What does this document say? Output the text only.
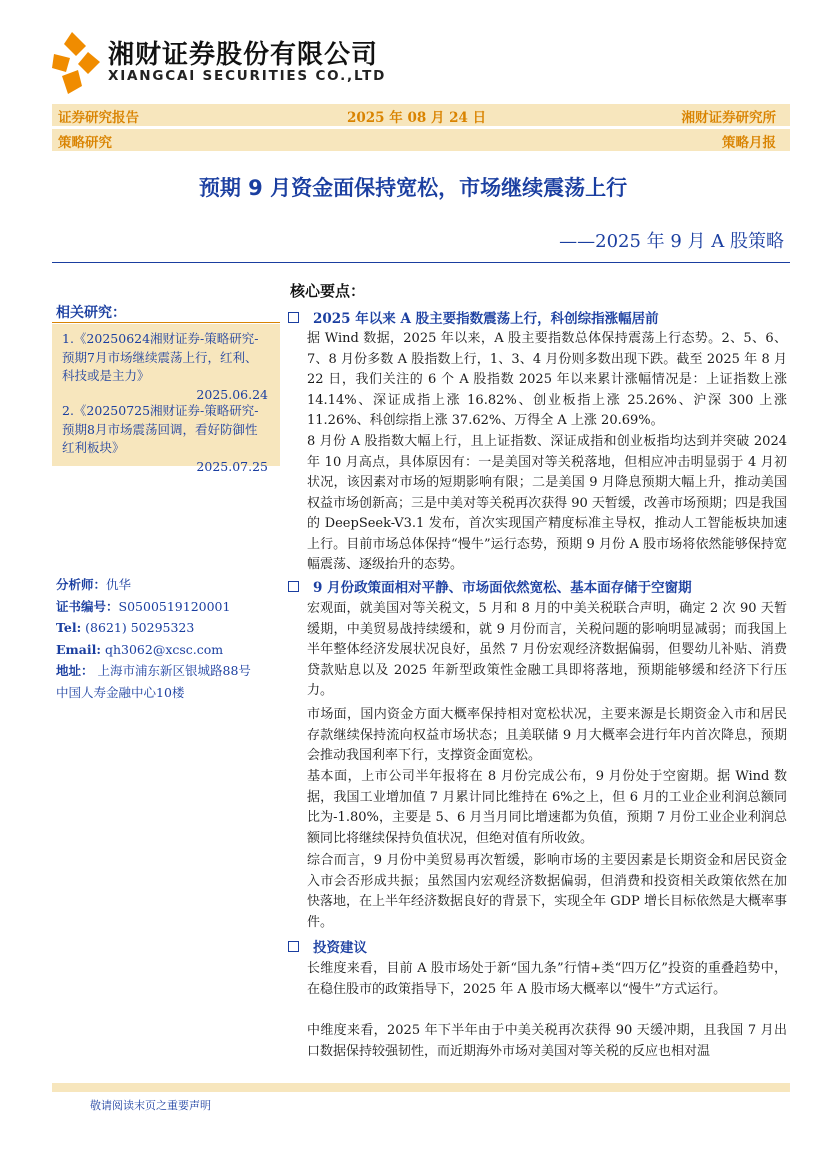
湘财证券股份有限公司
XIANGCAI SECURITIES CO.,LTD
证券研究报告	2025 年 08 月 24 日	湘财证券研究所
策略研究	策略月报
预期 9 月资金面保持宽松，市场继续震荡上行
——2025 年 9 月 A 股策略
相关研究：
1.《20250624湘财证券-策略研究-预期7月市场继续震荡上行，红利、科技或是主力》
2025.06.24
2.《20250725湘财证券-策略研究-预期8月市场震荡回调，看好防御性红利板块》
2025.07.25
分析师：仇华
证书编号：S0500519120001
Tel: (8621) 50295323
Email: qh3062@xcsc.com
地址： 上海市浦东新区银城路88号
中国人寿金融中心10楼
核心要点：
2025 年以来 A 股主要指数震荡上行，科创综指涨幅居前
据 Wind 数据，2025 年以来，A 股主要指数总体保持震荡上行态势。2、5、6、7、8 月份多数 A 股指数上行，1、3、4 月份则多数出现下跌。截至 2025 年 8 月 22 日，我们关注的 6 个 A 股指数 2025 年以来累计涨幅情况是：上证指数上涨 14.14%、深证成指上涨 16.82%、创业板指上涨 25.26%、沪深 300 上涨 11.26%、科创综指上涨 37.62%、万得全 A 上涨 20.69%。
8 月份 A 股指数大幅上行，且上证指数、深证成指和创业板指均达到并突破 2024 年 10 月高点，具体原因有：一是美国对等关税落地，但相应冲击明显弱于 4 月初状况，该因素对市场的短期影响有限；二是美国 9 月降息预期大幅上升，推动美国权益市场创新高；三是中美对等关税再次获得 90 天暂缓，改善市场预期；四是我国的 DeepSeek-V3.1 发布，首次实现国产精度标准主导权，推动人工智能板块加速上行。目前市场总体保持“慢牛”运行态势，预期 9 月份 A 股市场将依然能够保持宽幅震荡、逐级抬升的态势。
9 月份政策面相对平静、市场面依然宽松、基本面存储于空窗期
宏观面，就美国对等关税文，5 月和 8 月的中美关税联合声明，确定 2 次 90 天暂缓期，中美贸易战持续缓和，就 9 月份而言，关税问题的影响明显减弱；而我国上半年整体经济发展状况良好，虽然 7 月份宏观经济数据偏弱，但婴幼儿补贴、消费贷款贴息以及 2025 年新型政策性金融工具即将落地，预期能够缓和经济下行压力。
市场面，国内资金方面大概率保持相对宽松状况，主要来源是长期资金入市和居民存款继续保持流向权益市场状态；且美联储 9 月大概率会进行年内首次降息，预期会推动我国利率下行，支撑资金面宽松。
基本面，上市公司半年报将在 8 月份完成公布，9 月份处于空窗期。据 Wind 数据，我国工业增加值 7 月累计同比维持在 6%之上，但 6 月的工业企业利润总额同比为-1.80%，主要是 5、6 月当月同比增速都为负值，预期 7 月份工业企业利润总额同比将继续保持负值状况，但绝对值有所收敛。
综合而言，9 月份中美贸易再次暂缓，影响市场的主要因素是长期资金和居民资金入市会否形成共振；虽然国内宏观经济数据偏弱，但消费和投资相关政策依然在加快落地，在上半年经济数据良好的背景下，实现全年 GDP 增长目标依然是大概率事件。
投资建议
长维度来看，目前 A 股市场处于新“国九条”行情+类“四万亿”投资的重叠趋势中，在稳住股市的政策指导下，2025 年 A 股市场大概率以“慢牛”方式运行。
中维度来看，2025 年下半年由于中美关税再次获得 90 天缓冲期，且我国 7 月出口数据保持较强韧性，而近期海外市场对美国对等关税的反应也相对温
敬请阅读末页之重要声明
